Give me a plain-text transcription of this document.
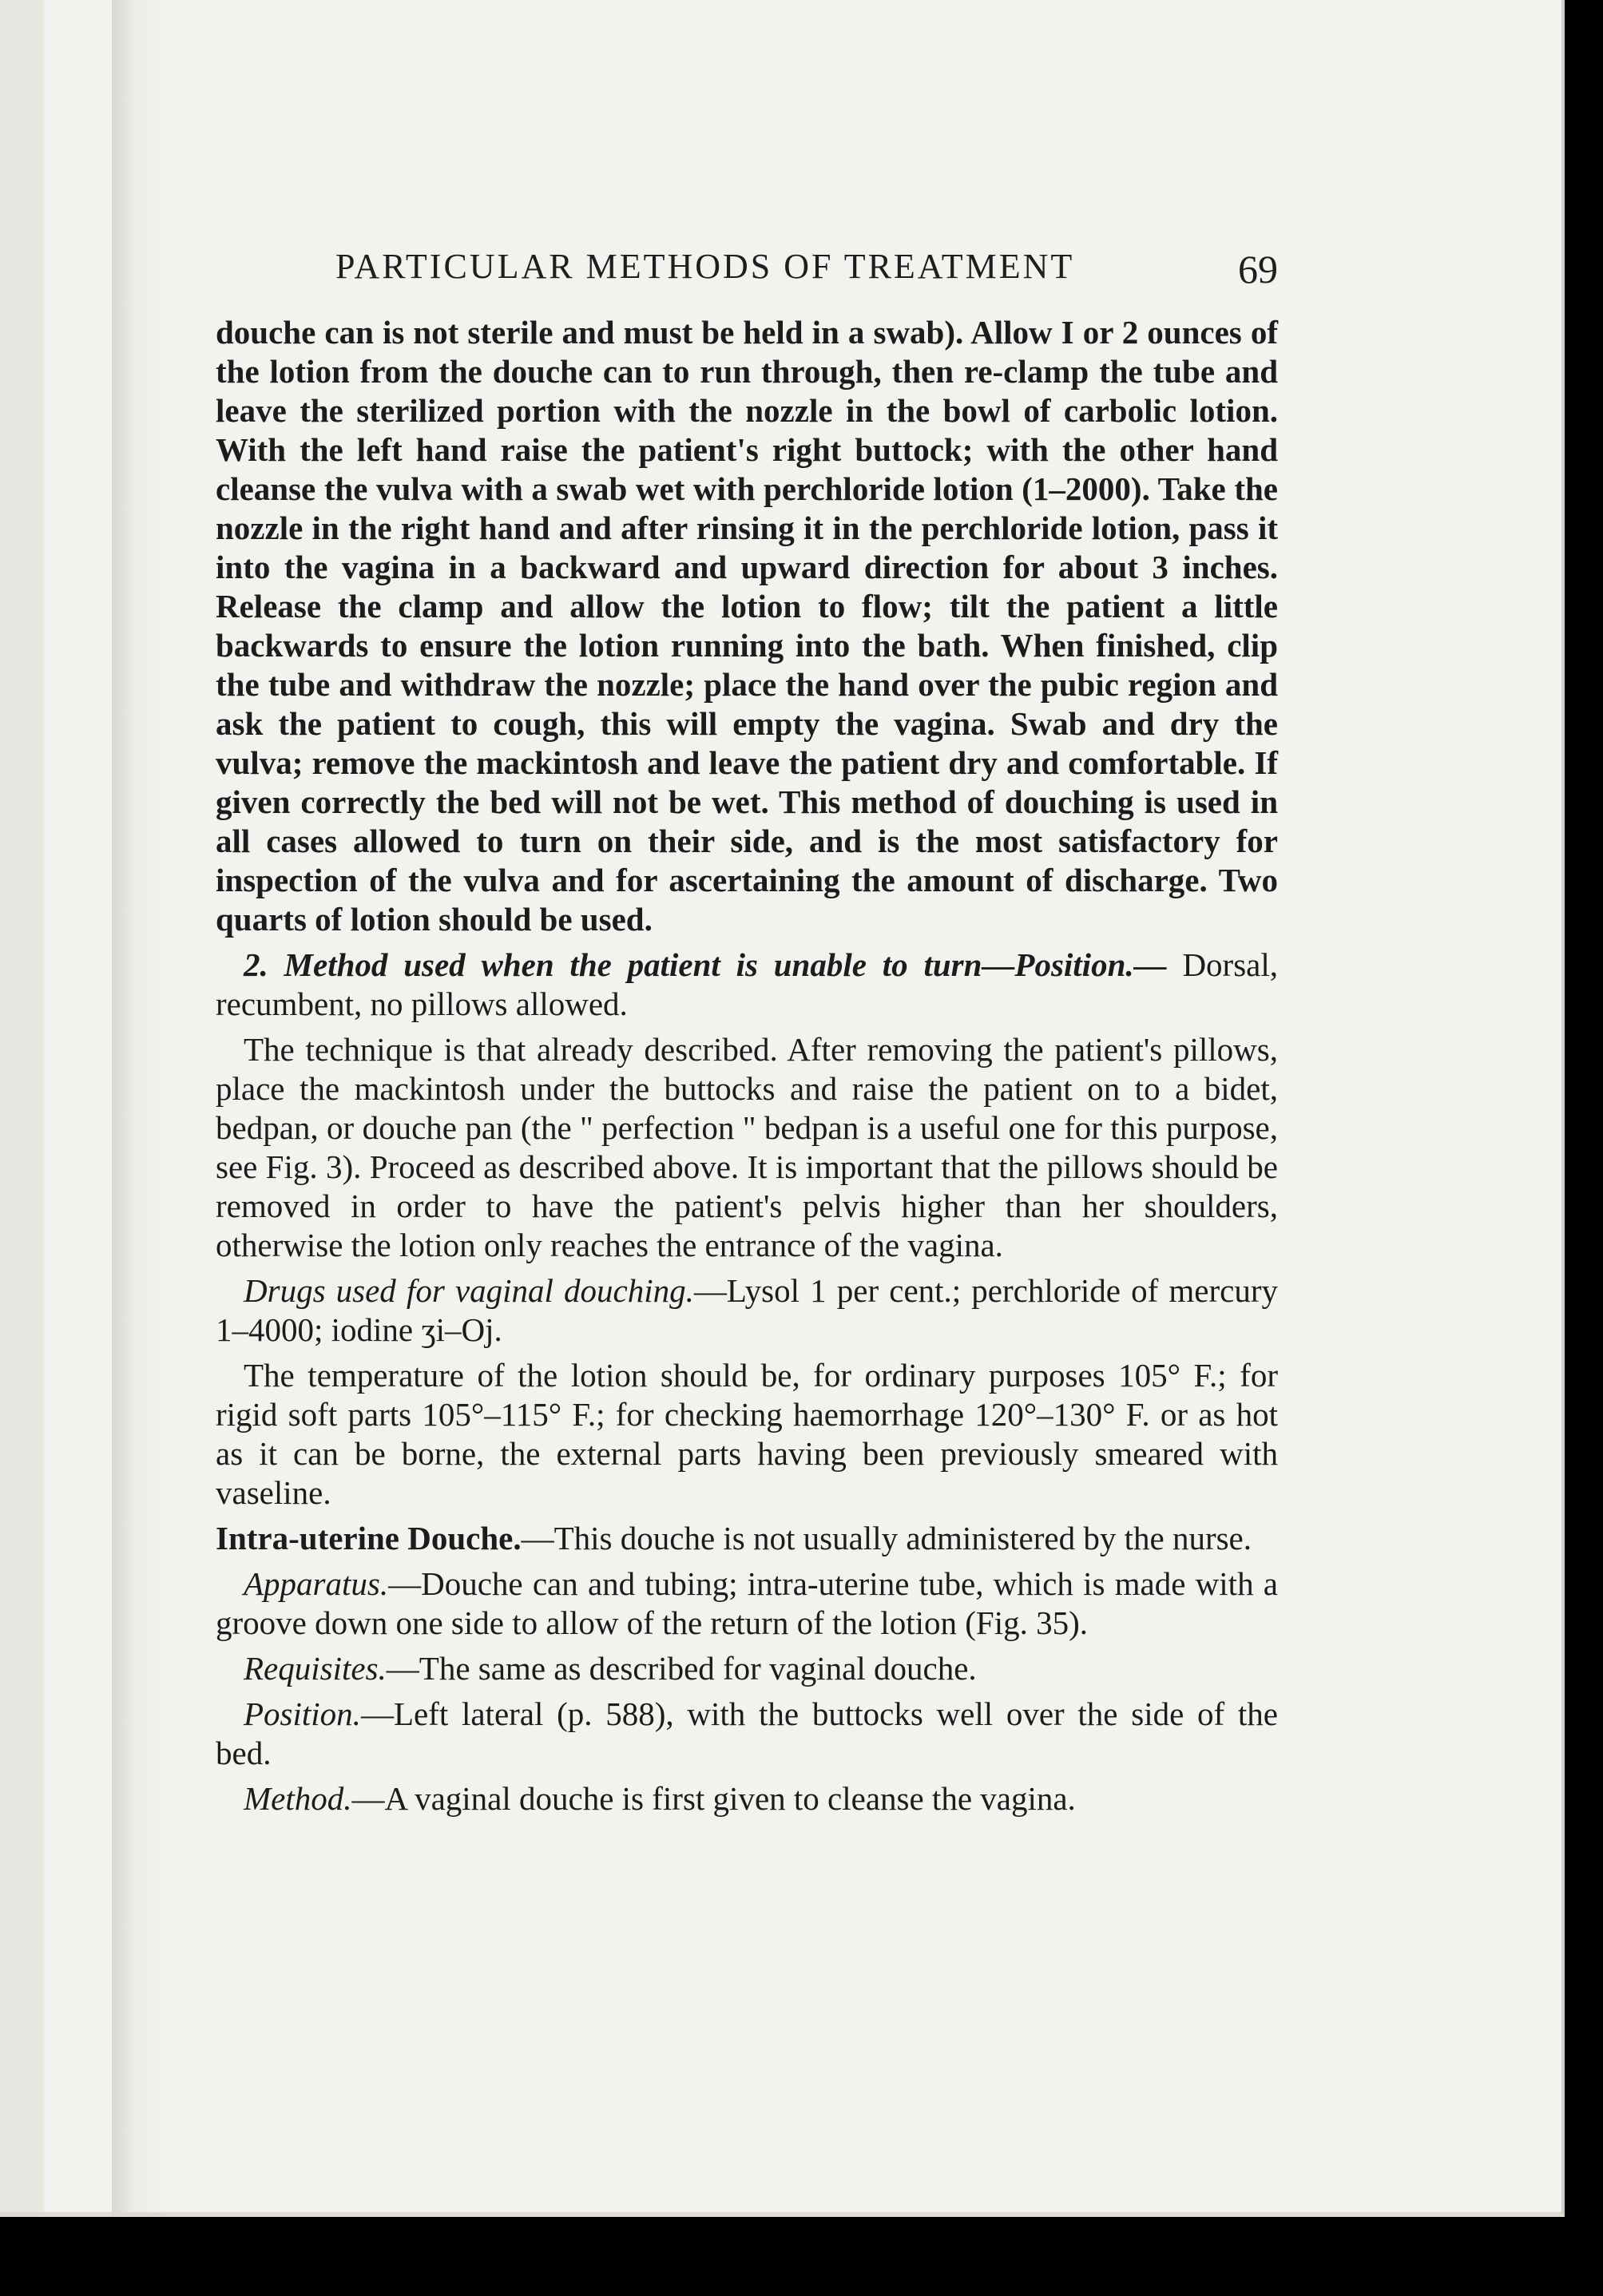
PARTICULAR METHODS OF TREATMENT	69

douche can is not sterile and must be held in a swab). Allow I or 2 ounces of the lotion from the douche can to run through, then re-clamp the tube and leave the sterilized portion with the nozzle in the bowl of carbolic lotion. With the left hand raise the patient's right buttock; with the other hand cleanse the vulva with a swab wet with perchloride lotion (1–2000). Take the nozzle in the right hand and after rinsing it in the perchloride lotion, pass it into the vagina in a backward and upward direction for about 3 inches. Release the clamp and allow the lotion to flow; tilt the patient a little backwards to ensure the lotion running into the bath. When finished, clip the tube and withdraw the nozzle; place the hand over the pubic region and ask the patient to cough, this will empty the vagina. Swab and dry the vulva; remove the mackintosh and leave the patient dry and comfortable. If given correctly the bed will not be wet. This method of douching is used in all cases allowed to turn on their side, and is the most satisfactory for inspection of the vulva and for ascertaining the amount of discharge. Two quarts of lotion should be used.

2. Method used when the patient is unable to turn—Position.— Dorsal, recumbent, no pillows allowed.

The technique is that already described. After removing the patient's pillows, place the mackintosh under the buttocks and raise the patient on to a bidet, bedpan, or douche pan (the " perfection " bedpan is a useful one for this purpose, see Fig. 3). Proceed as described above. It is important that the pillows should be removed in order to have the patient's pelvis higher than her shoulders, otherwise the lotion only reaches the entrance of the vagina.

Drugs used for vaginal douching.—Lysol 1 per cent.; perchloride of mercury 1–4000; iodine ʒi–Oj.

The temperature of the lotion should be, for ordinary purposes 105° F.; for rigid soft parts 105°–115° F.; for checking haemorrhage 120°–130° F. or as hot as it can be borne, the external parts having been previously smeared with vaseline.

Intra-uterine Douche.—This douche is not usually administered by the nurse.

Apparatus.—Douche can and tubing; intra-uterine tube, which is made with a groove down one side to allow of the return of the lotion (Fig. 35).

Requisites.—The same as described for vaginal douche.

Position.—Left lateral (p. 588), with the buttocks well over the side of the bed.

Method.—A vaginal douche is first given to cleanse the vagina.
